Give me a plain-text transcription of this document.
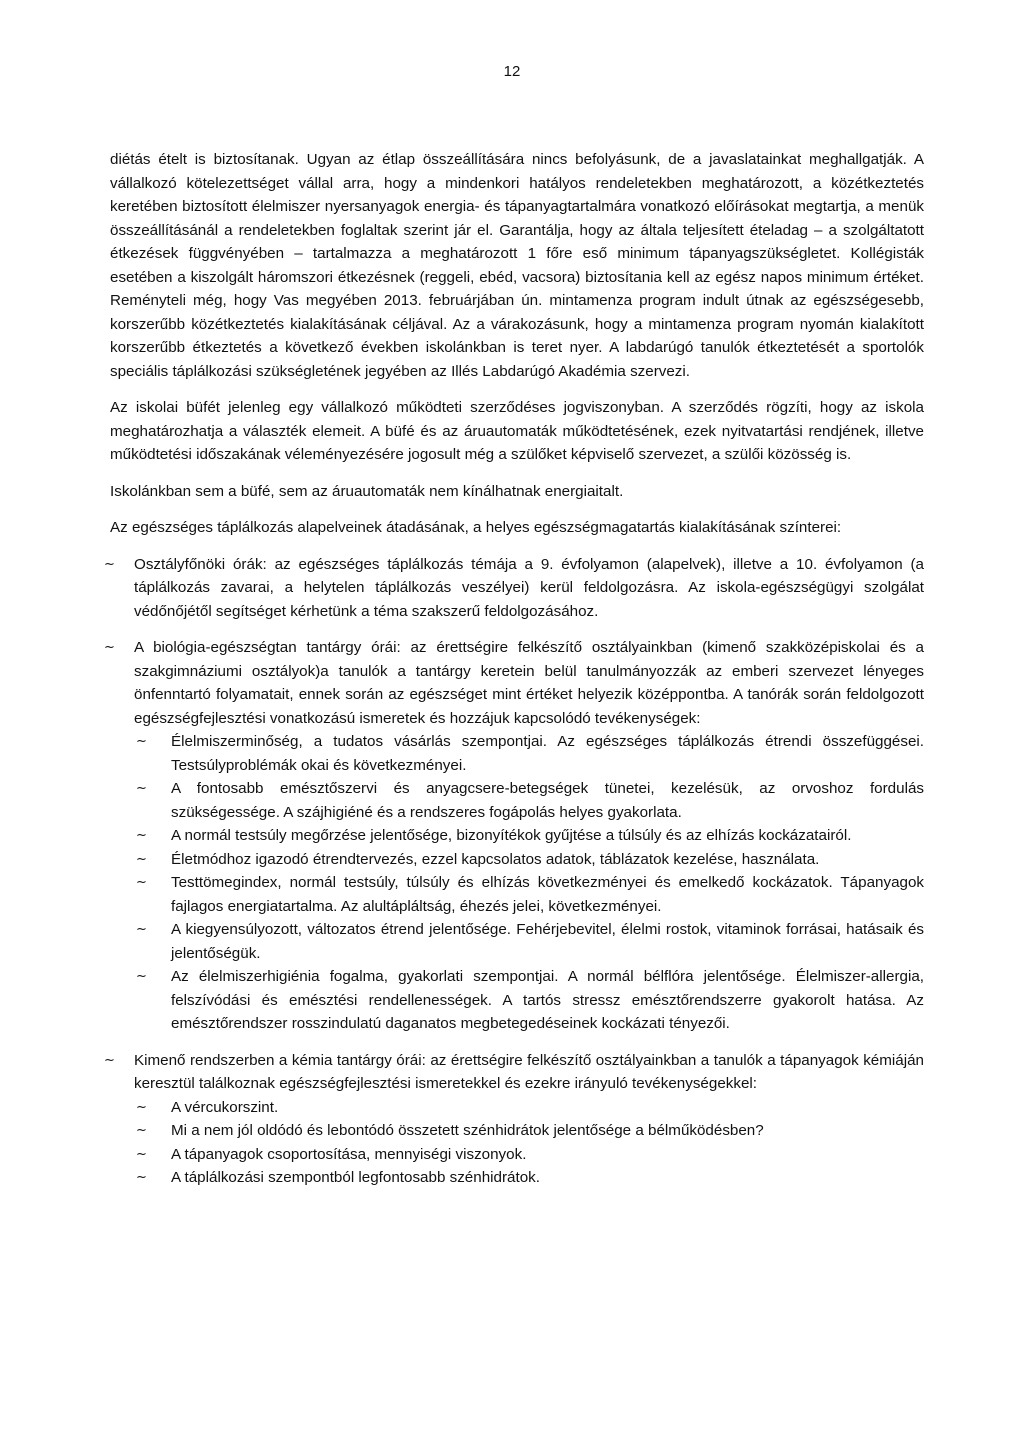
12

diétás ételt is biztosítanak. Ugyan az étlap összeállítására nincs befolyásunk, de a javaslatainkat meghallgatják. A vállalkozó kötelezettséget vállal arra, hogy a mindenkori hatályos rendeletekben meghatározott, a közétkeztetés keretében biztosított élelmiszer nyersanyagok energia- és tápanyagtartalmára vonatkozó előírásokat megtartja, a menük összeállításánál a rendeletekben foglaltak szerint jár el. Garantálja, hogy az általa teljesített ételadag – a szolgáltatott étkezések függvényében – tartalmazza a meghatározott 1 főre eső minimum tápanyagszükségletet. Kollégisták esetében a kiszolgált háromszori étkezésnek (reggeli, ebéd, vacsora) biztosítania kell az egész napos minimum értéket. Reményteli még, hogy Vas megyében 2013. februárjában ún. mintamenza program indult útnak az egészségesebb, korszerűbb közétkeztetés kialakításának céljával. Az a várakozásunk, hogy a mintamenza program nyomán kialakított korszerűbb étkeztetés a következő években iskolánkban is teret nyer. A labdarúgó tanulók étkeztetését a sportolók speciális táplálkozási szükségletének jegyében az Illés Labdarúgó Akadémia szervezi.

Az iskolai büfét jelenleg egy vállalkozó működteti szerződéses jogviszonyban. A szerződés rögzíti, hogy az iskola meghatározhatja a választék elemeit. A büfé és az áruautomaták működtetésének, ezek nyitvatartási rendjének, illetve működtetési időszakának véleményezésére jogosult még a szülőket képviselő szervezet, a szülői közösség is.

Iskolánkban sem a büfé, sem az áruautomaták nem kínálhatnak energiaitalt.

Az egészséges táplálkozás alapelveinek átadásának, a helyes egészségmagatartás kialakításának színterei:

~	Osztályfőnöki órák: az egészséges táplálkozás témája a 9. évfolyamon (alapelvek), illetve a 10. évfolyamon (a táplálkozás zavarai, a helytelen táplálkozás veszélyei) kerül feldolgozásra. Az iskola-egészségügyi szolgálat védőnőjétől segítséget kérhetünk a téma szakszerű feldolgozásához.
~	A biológia-egészségtan tantárgy órái: az érettségire felkészítő osztályainkban (kimenő szakközépiskolai és a szakgimnáziumi osztályok)a tanulók a tantárgy keretein belül tanulmányozzák az emberi szervezet lényeges önfenntartó folyamatait, ennek során az egészséget mint értéket helyezik középpontba. A tanórák során feldolgozott egészségfejlesztési vonatkozású ismeretek és hozzájuk kapcsolódó tevékenységek:
~	Élelmiszerminőség, a tudatos vásárlás szempontjai. Az egészséges táplálkozás étrendi összefüggései. Testsúlyproblémák okai és következményei.
~	A fontosabb emésztőszervi és anyagcsere-betegségek tünetei, kezelésük, az orvoshoz fordulás szükségessége. A szájhigiéné és a rendszeres fogápolás helyes gyakorlata.
~	A normál testsúly megőrzése jelentősége, bizonyítékok gyűjtése a túlsúly és az elhízás kockázatairól.
~	Életmódhoz igazodó étrendtervezés, ezzel kapcsolatos adatok, táblázatok kezelése, használata.
~	Testtömegindex, normál testsúly, túlsúly és elhízás következményei és emelkedő kockázatok. Tápanyagok fajlagos energiatartalma. Az alultápláltság, éhezés jelei, következményei.
~	A kiegyensúlyozott, változatos étrend jelentősége. Fehérjebevitel, élelmi rostok, vitaminok forrásai, hatásaik és jelentőségük.
~	Az élelmiszerhigiénia fogalma, gyakorlati szempontjai. A normál bélflóra jelentősége. Élelmiszer-allergia, felszívódási és emésztési rendellenességek. A tartós stressz emésztőrendszerre gyakorolt hatása. Az emésztőrendszer rosszindulatú daganatos megbetegedéseinek kockázati tényezői.
~	Kimenő rendszerben a kémia tantárgy órái: az érettségire felkészítő osztályainkban a tanulók a tápanyagok kémiáján keresztül találkoznak egészségfejlesztési ismeretekkel és ezekre irányuló tevékenységekkel:
~	A vércukorszint.
~	Mi a nem jól oldódó és lebontódó összetett szénhidrátok jelentősége a bélműködésben?
~	A tápanyagok csoportosítása, mennyiségi viszonyok.
~	A táplálkozási szempontból legfontosabb szénhidrátok.
